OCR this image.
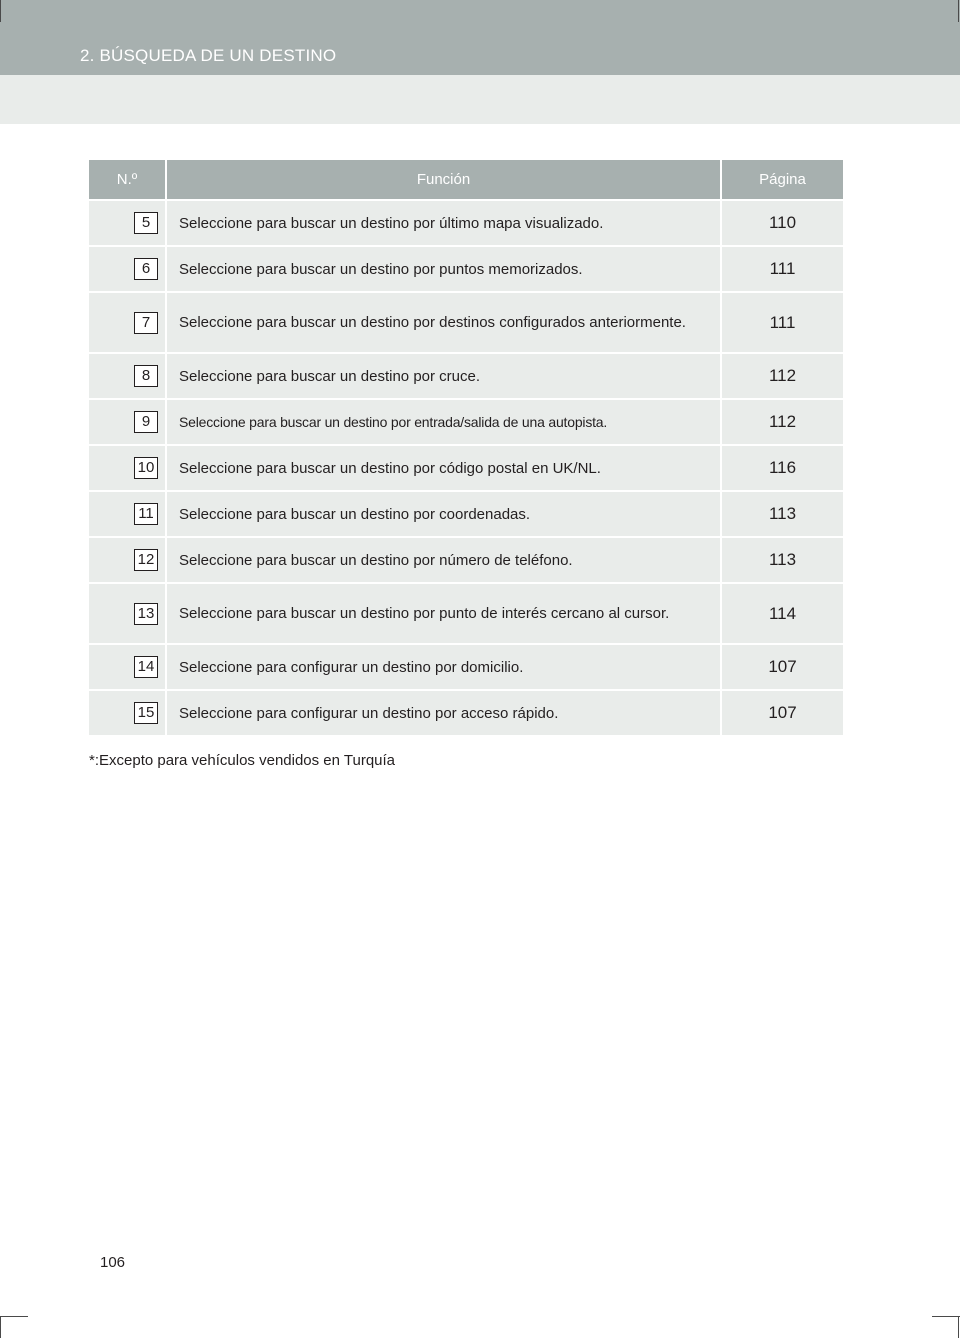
2. BÚSQUEDA DE UN DESTINO
N.º	Función	Página
5	Seleccione para buscar un destino por último mapa visualizado.	110
6	Seleccione para buscar un destino por puntos memorizados.	111
7	Seleccione para buscar un destino por destinos configurados anteriormente.	111
8	Seleccione para buscar un destino por cruce.	112
9	Seleccione para buscar un destino por entrada/salida de una autopista.	112
10	Seleccione para buscar un destino por código postal en UK/NL.	116
11	Seleccione para buscar un destino por coordenadas.	113
12	Seleccione para buscar un destino por número de teléfono.	113
13	Seleccione para buscar un destino por punto de interés cercano al cursor.	114
14	Seleccione para configurar un destino por domicilio.	107
15	Seleccione para configurar un destino por acceso rápido.	107
*:Excepto para vehículos vendidos en Turquía
106
